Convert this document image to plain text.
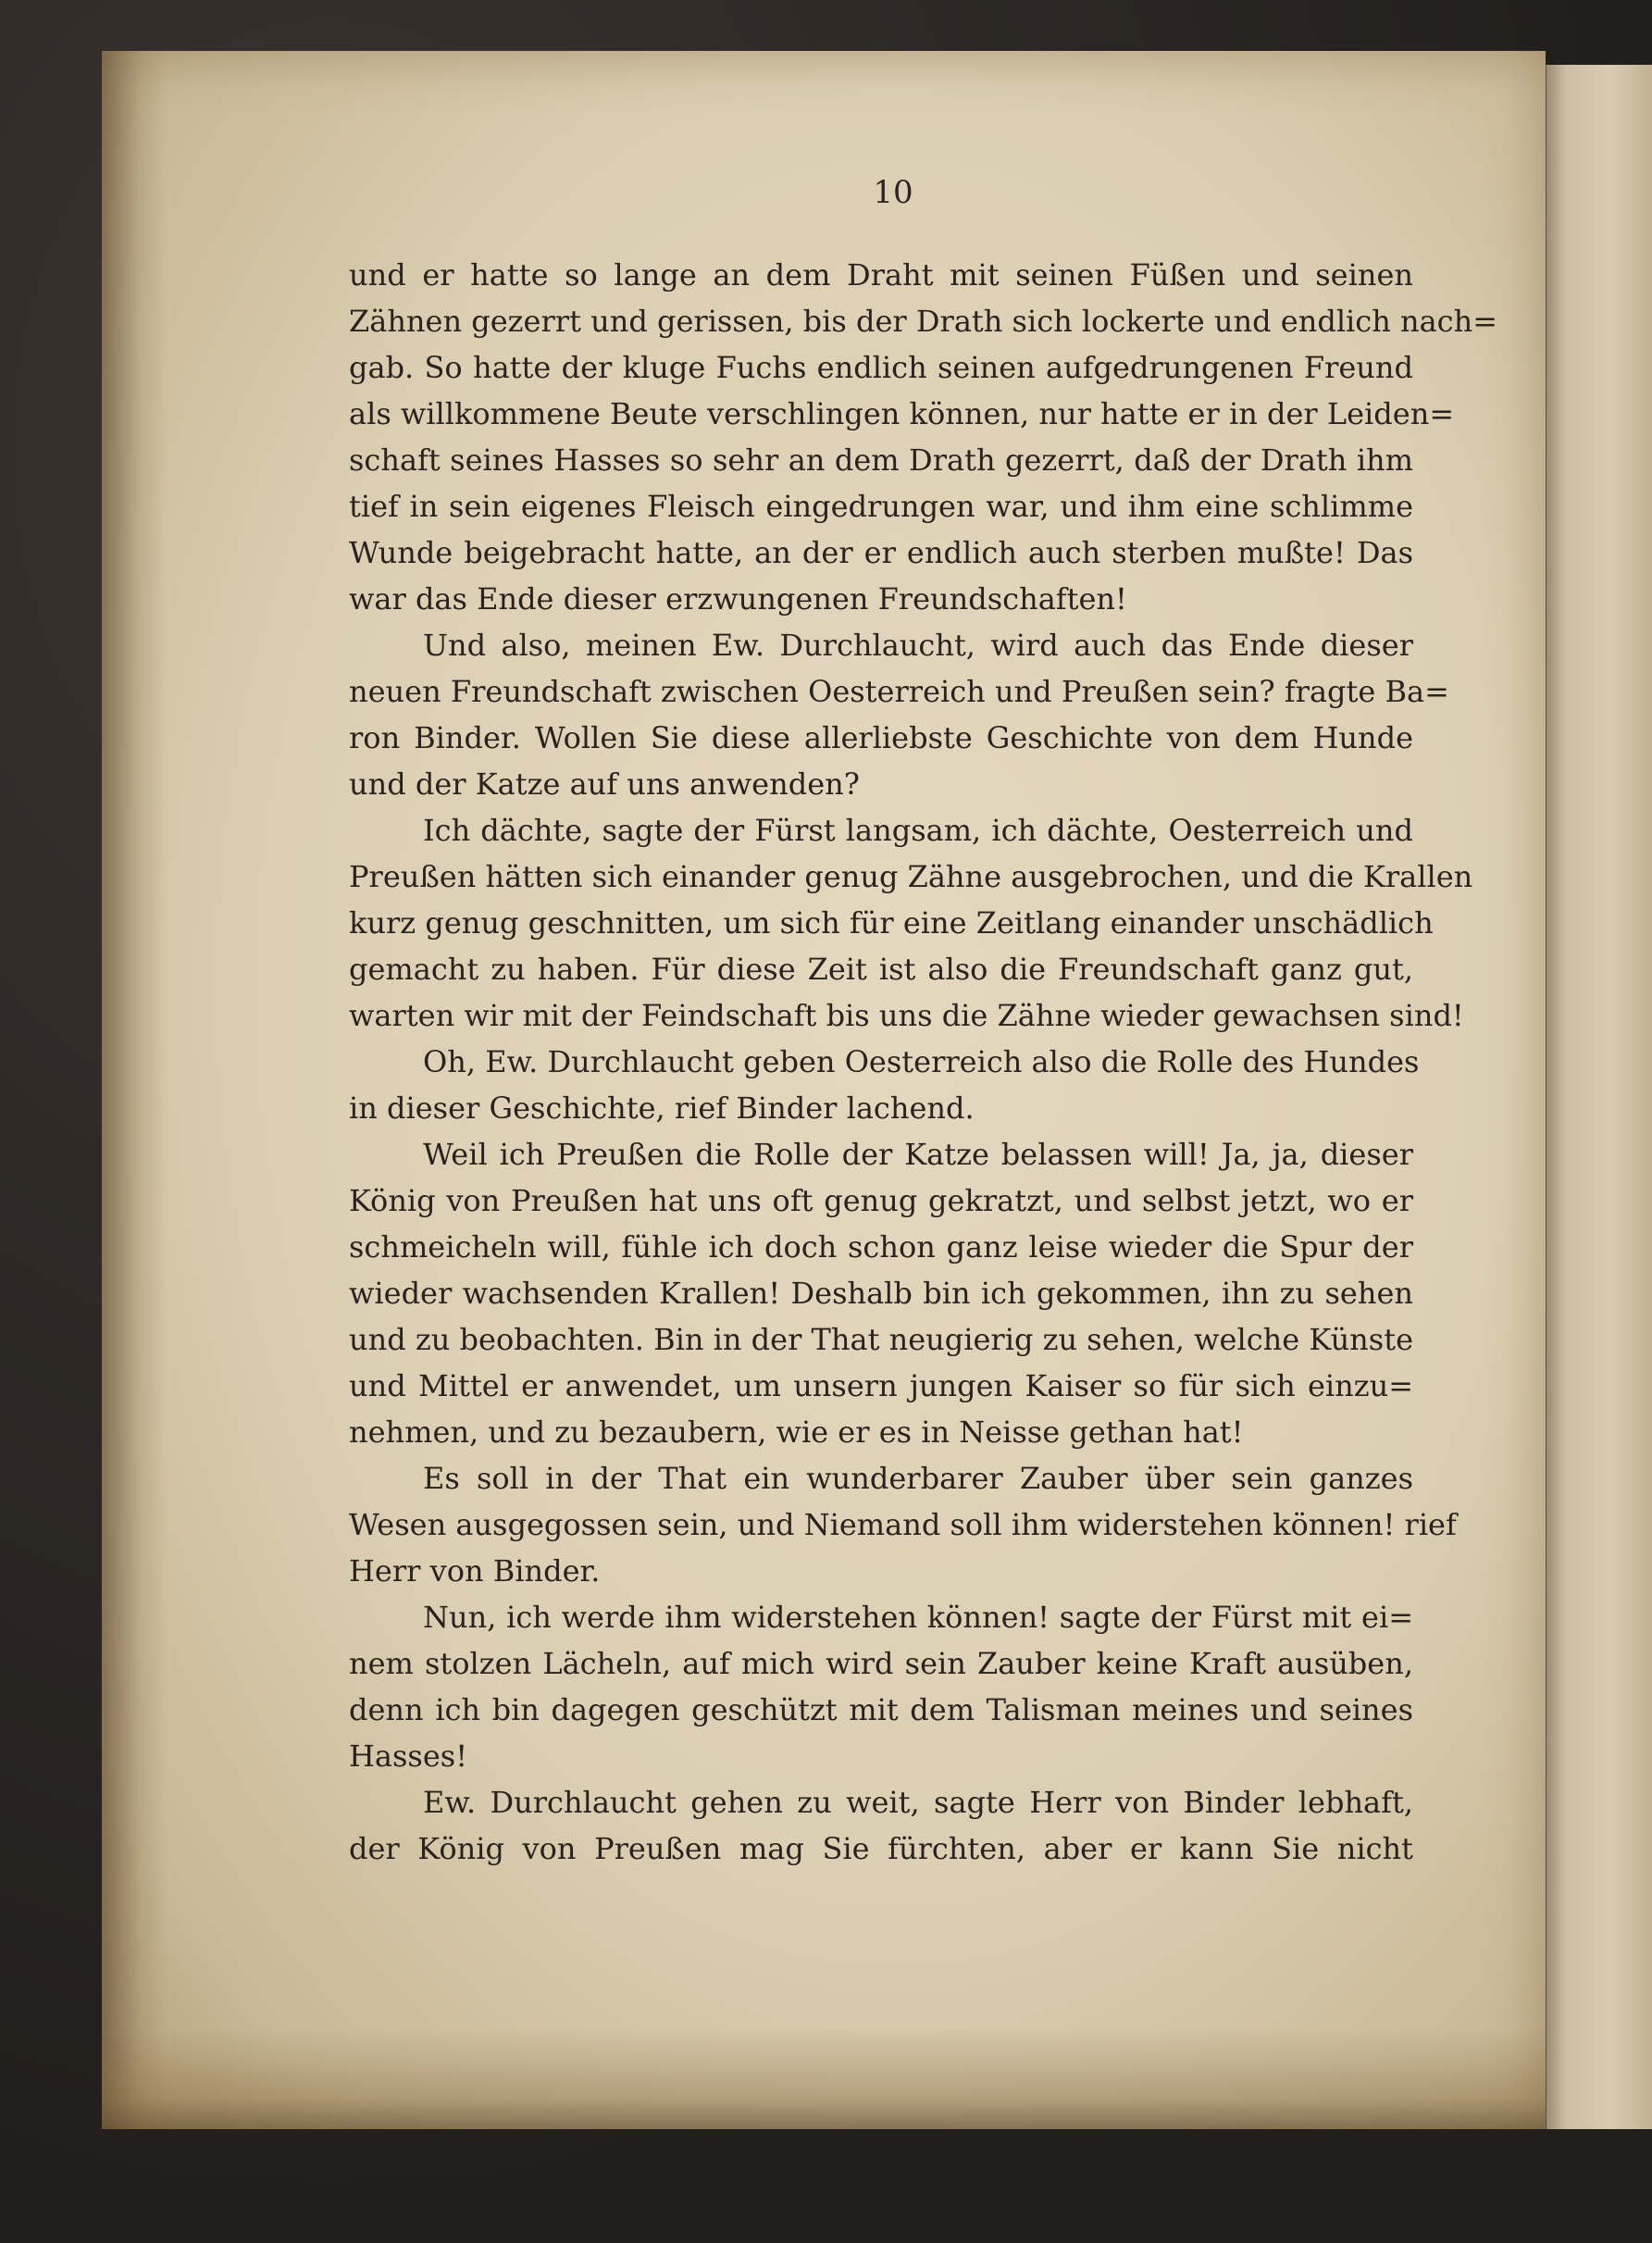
10
und er hatte so lange an dem Draht mit seinen Füßen und seinen
Zähnen gezerrt und gerissen, bis der Drath sich lockerte und endlich nach=
gab. So hatte der kluge Fuchs endlich seinen aufgedrungenen Freund
als willkommene Beute verschlingen können, nur hatte er in der Leiden=
schaft seines Hasses so sehr an dem Drath gezerrt, daß der Drath ihm
tief in sein eigenes Fleisch eingedrungen war, und ihm eine schlimme
Wunde beigebracht hatte, an der er endlich auch sterben mußte! Das
war das Ende dieser erzwungenen Freundschaften!
Und also, meinen Ew. Durchlaucht, wird auch das Ende dieser
neuen Freundschaft zwischen Oesterreich und Preußen sein? fragte Ba=
ron Binder. Wollen Sie diese allerliebste Geschichte von dem Hunde
und der Katze auf uns anwenden?
Ich dächte, sagte der Fürst langsam, ich dächte, Oesterreich und
Preußen hätten sich einander genug Zähne ausgebrochen, und die Krallen
kurz genug geschnitten, um sich für eine Zeitlang einander unschädlich
gemacht zu haben. Für diese Zeit ist also die Freundschaft ganz gut,
warten wir mit der Feindschaft bis uns die Zähne wieder gewachsen sind!
Oh, Ew. Durchlaucht geben Oesterreich also die Rolle des Hundes
in dieser Geschichte, rief Binder lachend.
Weil ich Preußen die Rolle der Katze belassen will! Ja, ja, dieser
König von Preußen hat uns oft genug gekratzt, und selbst jetzt, wo er
schmeicheln will, fühle ich doch schon ganz leise wieder die Spur der
wieder wachsenden Krallen! Deshalb bin ich gekommen, ihn zu sehen
und zu beobachten. Bin in der That neugierig zu sehen, welche Künste
und Mittel er anwendet, um unsern jungen Kaiser so für sich einzu=
nehmen, und zu bezaubern, wie er es in Neisse gethan hat!
Es soll in der That ein wunderbarer Zauber über sein ganzes
Wesen ausgegossen sein, und Niemand soll ihm widerstehen können! rief
Herr von Binder.
Nun, ich werde ihm widerstehen können! sagte der Fürst mit ei=
nem stolzen Lächeln, auf mich wird sein Zauber keine Kraft ausüben,
denn ich bin dagegen geschützt mit dem Talisman meines und seines
Hasses!
Ew. Durchlaucht gehen zu weit, sagte Herr von Binder lebhaft,
der König von Preußen mag Sie fürchten, aber er kann Sie nicht
